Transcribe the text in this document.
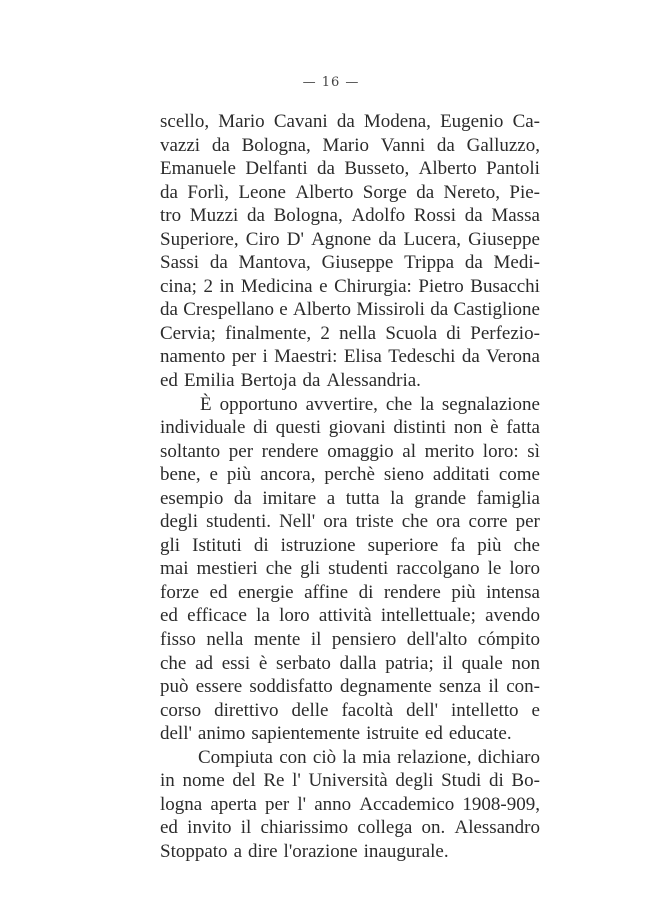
— 16 —
scello, Mario Cavani da Modena, Eugenio Ca-
vazzi da Bologna, Mario Vanni da Galluzzo,
Emanuele Delfanti da Busseto, Alberto Pantoli
da Forlì, Leone Alberto Sorge da Nereto, Pie-
tro Muzzi da Bologna, Adolfo Rossi da Massa
Superiore, Ciro D' Agnone da Lucera, Giuseppe
Sassi da Mantova, Giuseppe Trippa da Medi-
cina; 2 in Medicina e Chirurgia: Pietro Busacchi
da Crespellano e Alberto Missiroli da Castiglione
Cervia; finalmente, 2 nella Scuola di Perfezio-
namento per i Maestri: Elisa Tedeschi da Verona
ed Emilia Bertoja da Alessandria.
È opportuno avvertire, che la segnalazione
individuale di questi giovani distinti non è fatta
soltanto per rendere omaggio al merito loro: sì
bene, e più ancora, perchè sieno additati come
esempio da imitare a tutta la grande famiglia
degli studenti. Nell' ora triste che ora corre per
gli Istituti di istruzione superiore fa più che
mai mestieri che gli studenti raccolgano le loro
forze ed energie affine di rendere più intensa
ed efficace la loro attività intellettuale; avendo
fisso nella mente il pensiero dell'alto cómpito
che ad essi è serbato dalla patria; il quale non
può essere soddisfatto degnamente senza il con-
corso direttivo delle facoltà dell' intelletto e
dell' animo sapientemente istruite ed educate.
Compiuta con ciò la mia relazione, dichiaro
in nome del Re l' Università degli Studi di Bo-
logna aperta per l' anno Accademico 1908-909,
ed invito il chiarissimo collega on. Alessandro
Stoppato a dire l'orazione inaugurale.
